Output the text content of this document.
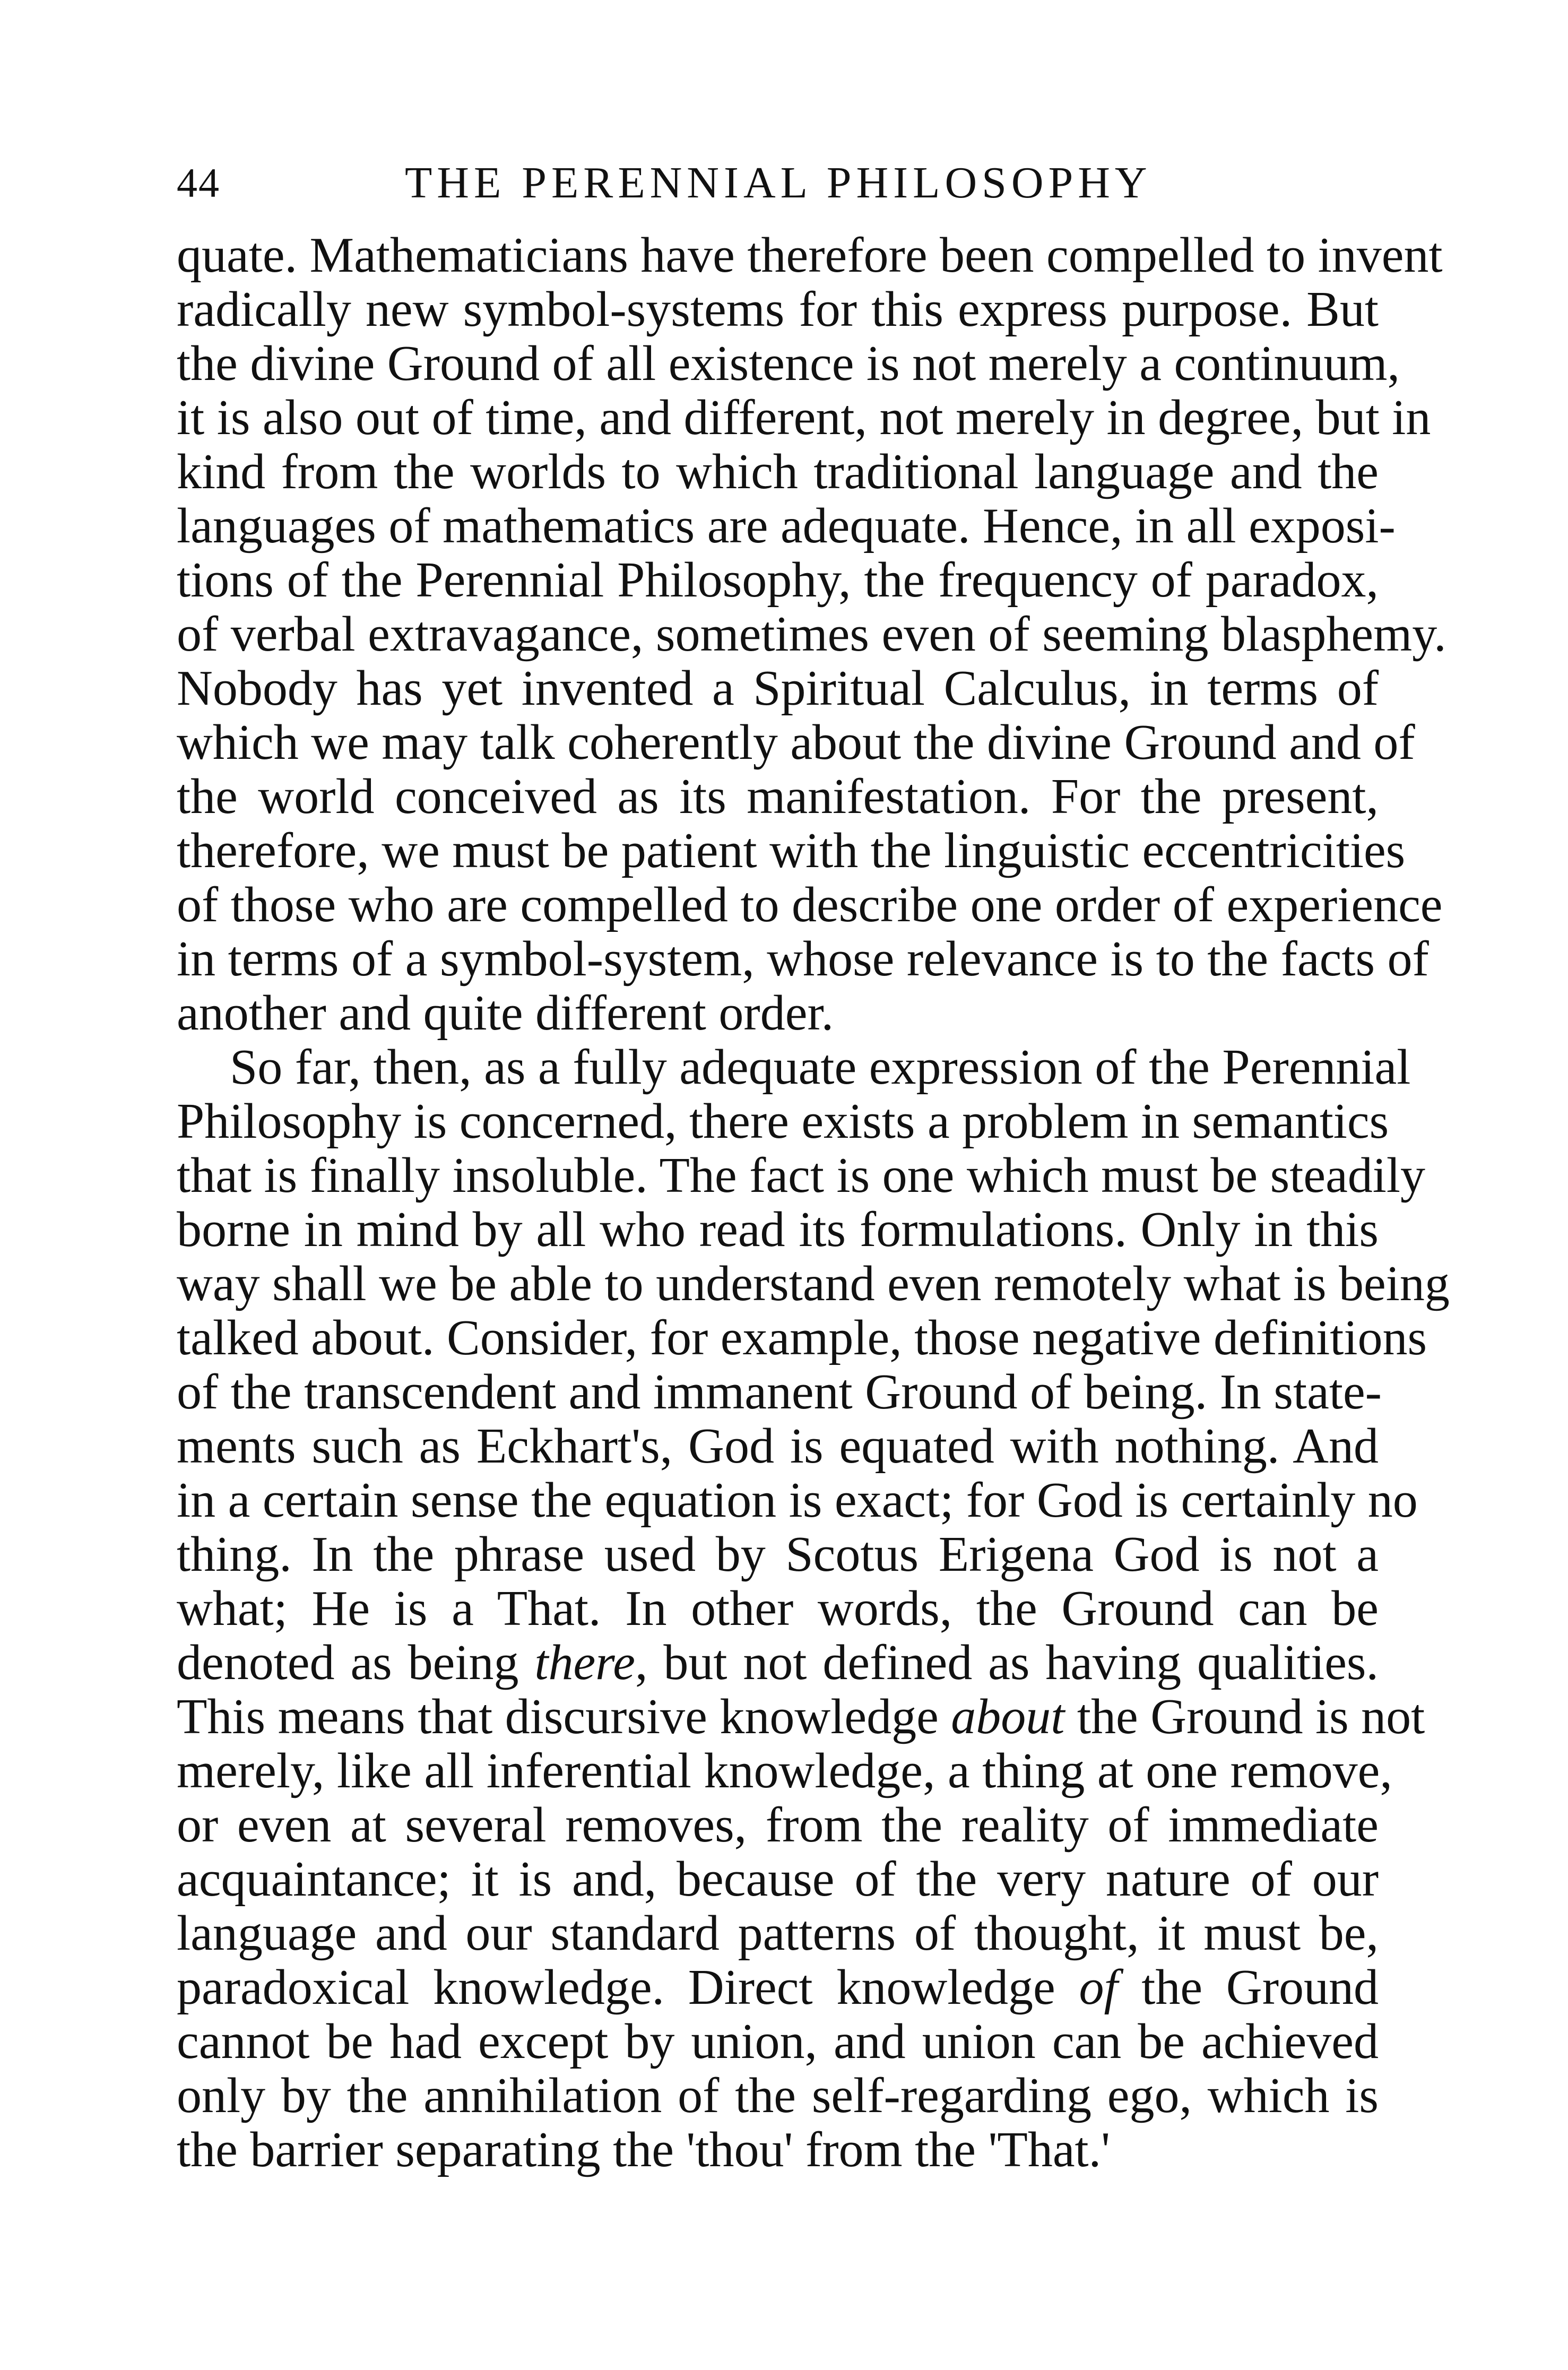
44	THE PERENNIAL PHILOSOPHY
quate. Mathematicians have therefore been compelled to invent
radically new symbol-systems for this express purpose. But
the divine Ground of all existence is not merely a continuum,
it is also out of time, and different, not merely in degree, but in
kind from the worlds to which traditional language and the
languages of mathematics are adequate. Hence, in all exposi-
tions of the Perennial Philosophy, the frequency of paradox,
of verbal extravagance, sometimes even of seeming blasphemy.
Nobody has yet invented a Spiritual Calculus, in terms of
which we may talk coherently about the divine Ground and of
the world conceived as its manifestation. For the present,
therefore, we must be patient with the linguistic eccentricities
of those who are compelled to describe one order of experience
in terms of a symbol-system, whose relevance is to the facts of
another and quite different order.
So far, then, as a fully adequate expression of the Perennial
Philosophy is concerned, there exists a problem in semantics
that is finally insoluble. The fact is one which must be steadily
borne in mind by all who read its formulations. Only in this
way shall we be able to understand even remotely what is being
talked about. Consider, for example, those negative definitions
of the transcendent and immanent Ground of being. In state-
ments such as Eckhart's, God is equated with nothing. And
in a certain sense the equation is exact; for God is certainly no
thing. In the phrase used by Scotus Erigena God is not a
what; He is a That. In other words, the Ground can be
denoted as being there, but not defined as having qualities.
This means that discursive knowledge about the Ground is not
merely, like all inferential knowledge, a thing at one remove,
or even at several removes, from the reality of immediate
acquaintance; it is and, because of the very nature of our
language and our standard patterns of thought, it must be,
paradoxical knowledge. Direct knowledge of the Ground
cannot be had except by union, and union can be achieved
only by the annihilation of the self-regarding ego, which is
the barrier separating the 'thou' from the 'That.'
